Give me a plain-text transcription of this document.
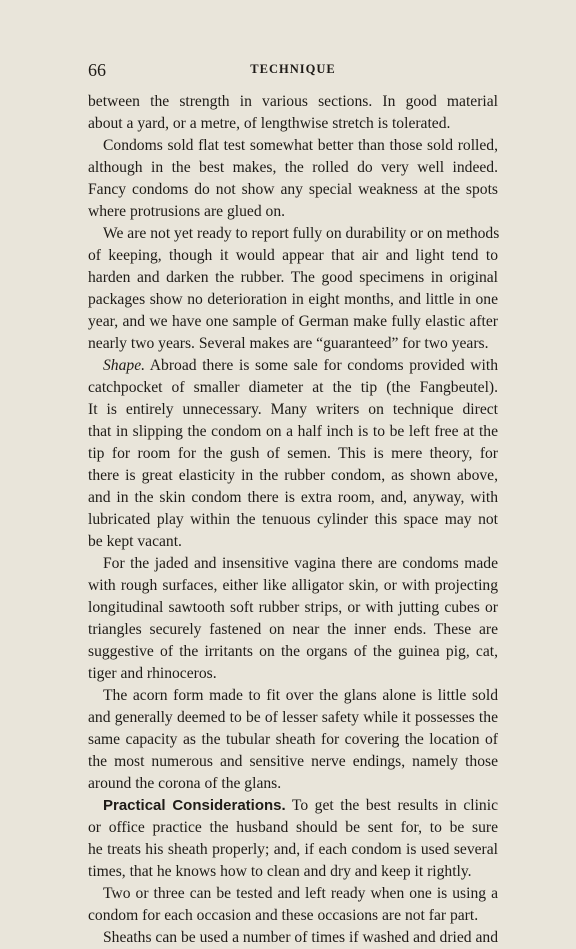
66	TECHNIQUE
between the strength in various sections. In good material
about a yard, or a metre, of lengthwise stretch is tolerated.
Condoms sold flat test somewhat better than those sold rolled,
although in the best makes, the rolled do very well indeed.
Fancy condoms do not show any special weakness at the spots
where protrusions are glued on.
We are not yet ready to report fully on durability or on methods
of keeping, though it would appear that air and light tend to
harden and darken the rubber. The good specimens in original
packages show no deterioration in eight months, and little in one
year, and we have one sample of German make fully elastic after
nearly two years. Several makes are “guaranteed” for two years.
Shape. Abroad there is some sale for condoms provided with
catchpocket of smaller diameter at the tip (the Fangbeutel).
It is entirely unnecessary. Many writers on technique direct
that in slipping the condom on a half inch is to be left free at the
tip for room for the gush of semen. This is mere theory, for
there is great elasticity in the rubber condom, as shown above,
and in the skin condom there is extra room, and, anyway, with
lubricated play within the tenuous cylinder this space may not
be kept vacant.
For the jaded and insensitive vagina there are condoms made
with rough surfaces, either like alligator skin, or with projecting
longitudinal sawtooth soft rubber strips, or with jutting cubes or
triangles securely fastened on near the inner ends. These are
suggestive of the irritants on the organs of the guinea pig, cat,
tiger and rhinoceros.
The acorn form made to fit over the glans alone is little sold
and generally deemed to be of lesser safety while it possesses the
same capacity as the tubular sheath for covering the location of
the most numerous and sensitive nerve endings, namely those
around the corona of the glans.
Practical Considerations. To get the best results in clinic
or office practice the husband should be sent for, to be sure
he treats his sheath properly; and, if each condom is used several
times, that he knows how to clean and dry and keep it rightly.
Two or three can be tested and left ready when one is using a
condom for each occasion and these occasions are not far part.
Sheaths can be used a number of times if washed and dried and
